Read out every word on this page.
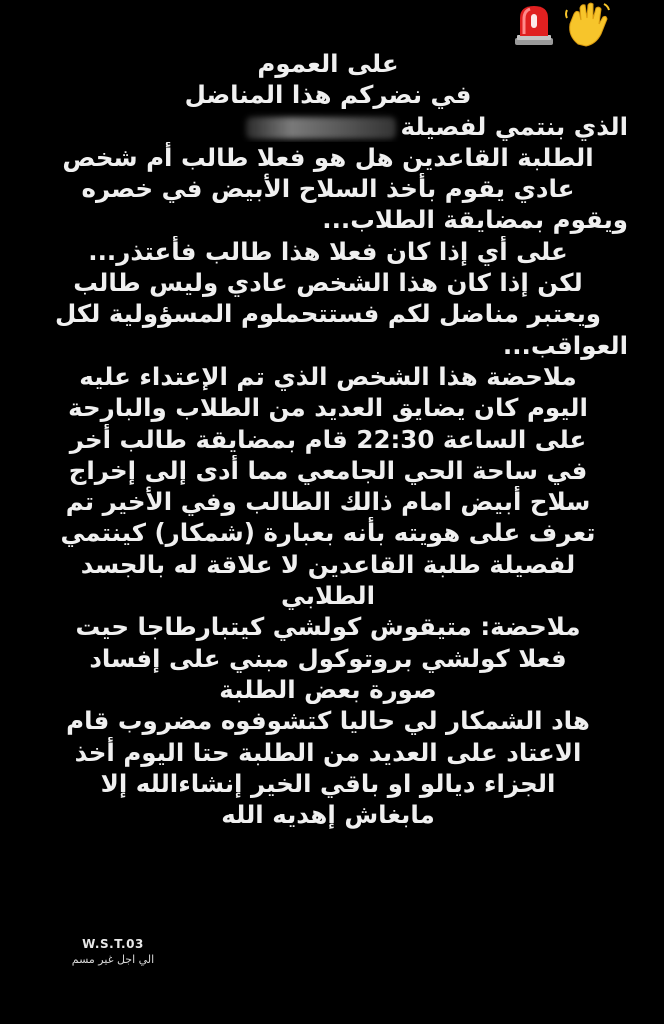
على العموم
في نضركم هذا المناضل
الذي بنتمي لفصيلة
الطلبة القاعدين هل هو فعلا طالب أم شخص
عادي يقوم بأخذ السلاح الأبيض في خصره
ويقوم بمضايقة الطلاب...
على أي إذا كان فعلا هذا طالب فأعتذر...
لكن إذا كان هذا الشخص عادي وليس طالب
ويعتبر مناضل لكم فستتحملوم المسؤولية لكل
العواقب...
ملاحضة هذا الشخص الذي تم الإعتداء عليه
اليوم كان يضايق العديد من الطلاب والبارحة
على الساعة 22:30 قام بمضايقة طالب أخر
في ساحة الحي الجامعي مما أدى إلى إخراج
سلاح أبيض امام ذالك الطالب وفي الأخير تم
تعرف على هويته بأنه بعبارة (شمكار) كينتمي
لفصيلة طلبة القاعدين لا علاقة له بالجسد
الطلابي
ملاحضة: متيقوش كولشي كيتبارطاجا حيت
فعلا كولشي بروتوكول مبني على إفساد
صورة بعض الطلبة
هاد الشمكار لي حاليا كتشوفوه مضروب قام
الاعتاد على العديد من الطلبة حتا اليوم أخذ
الجزاء ديالو او باقي الخير إنشاءالله إلا
مابغاش إهديه الله
W.S.T.03
الي اجل غير مسم
